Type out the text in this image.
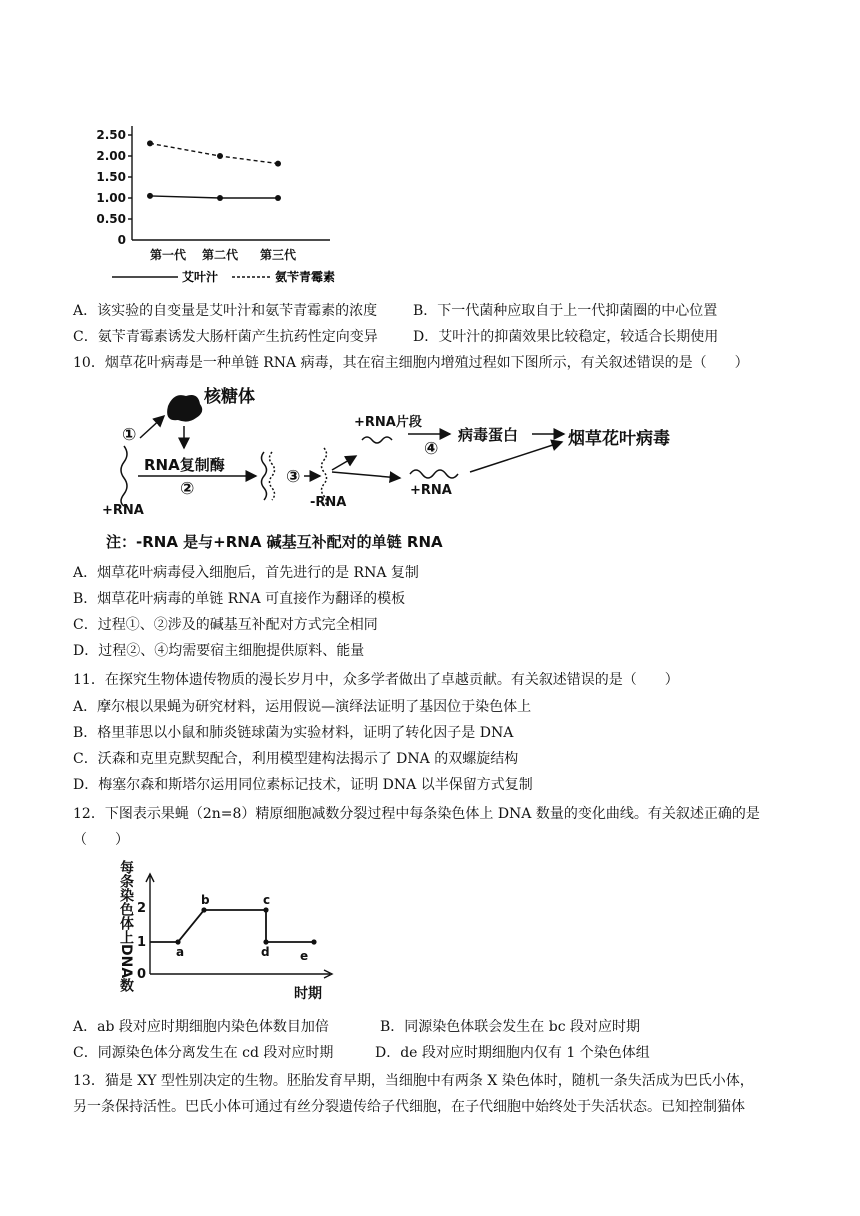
2.50
2.00
1.50
1.00
0.50
0
第一代 第二代 第三代
艾叶汁	氨苄青霉素
A．该实验的自变量是艾叶汁和氨苄青霉素的浓度	B．下一代菌种应取自于上一代抑菌圈的中心位置
C．氨苄青霉素诱发大肠杆菌产生抗药性定向变异	D．艾叶汁的抑菌效果比较稳定，较适合长期使用
10．烟草花叶病毒是一种单链 RNA 病毒，其在宿主细胞内增殖过程如下图所示，有关叙述错误的是（　　）
核糖体
①
+RNA
RNA复制酶
②
③
-RNA
+RNA片段
④
病毒蛋白
+RNA
烟草花叶病毒
注：-RNA 是与+RNA 碱基互补配对的单链 RNA
A．烟草花叶病毒侵入细胞后，首先进行的是 RNA 复制
B．烟草花叶病毒的单链 RNA 可直接作为翻译的模板
C．过程①、②涉及的碱基互补配对方式完全相同
D．过程②、④均需要宿主细胞提供原料、能量
11．在探究生物体遗传物质的漫长岁月中，众多学者做出了卓越贡献。有关叙述错误的是（　　）
A．摩尔根以果蝇为研究材料，运用假说—演绎法证明了基因位于染色体上
B．格里菲思以小鼠和肺炎链球菌为实验材料，证明了转化因子是 DNA
C．沃森和克里克默契配合，利用模型建构法揭示了 DNA 的双螺旋结构
D．梅塞尔森和斯塔尔运用同位素标记技术，证明 DNA 以半保留方式复制
12．下图表示果蝇（2n=8）精原细胞减数分裂过程中每条染色体上 DNA 数量的变化曲线。有关叙述正确的是
（　　）
每条染色体上DNA数 2
1
0
a
b	c
d	e
时期
A．ab 段对应时期细胞内染色体数目加倍	B．同源染色体联会发生在 bc 段对应时期
C．同源染色体分离发生在 cd 段对应时期	D．de 段对应时期细胞内仅有 1 个染色体组
13．猫是 XY 型性别决定的生物。胚胎发育早期，当细胞中有两条 X 染色体时，随机一条失活成为巴氏小体，
另一条保持活性。巴氏小体可通过有丝分裂遗传给子代细胞，在子代细胞中始终处于失活状态。已知控制猫体
